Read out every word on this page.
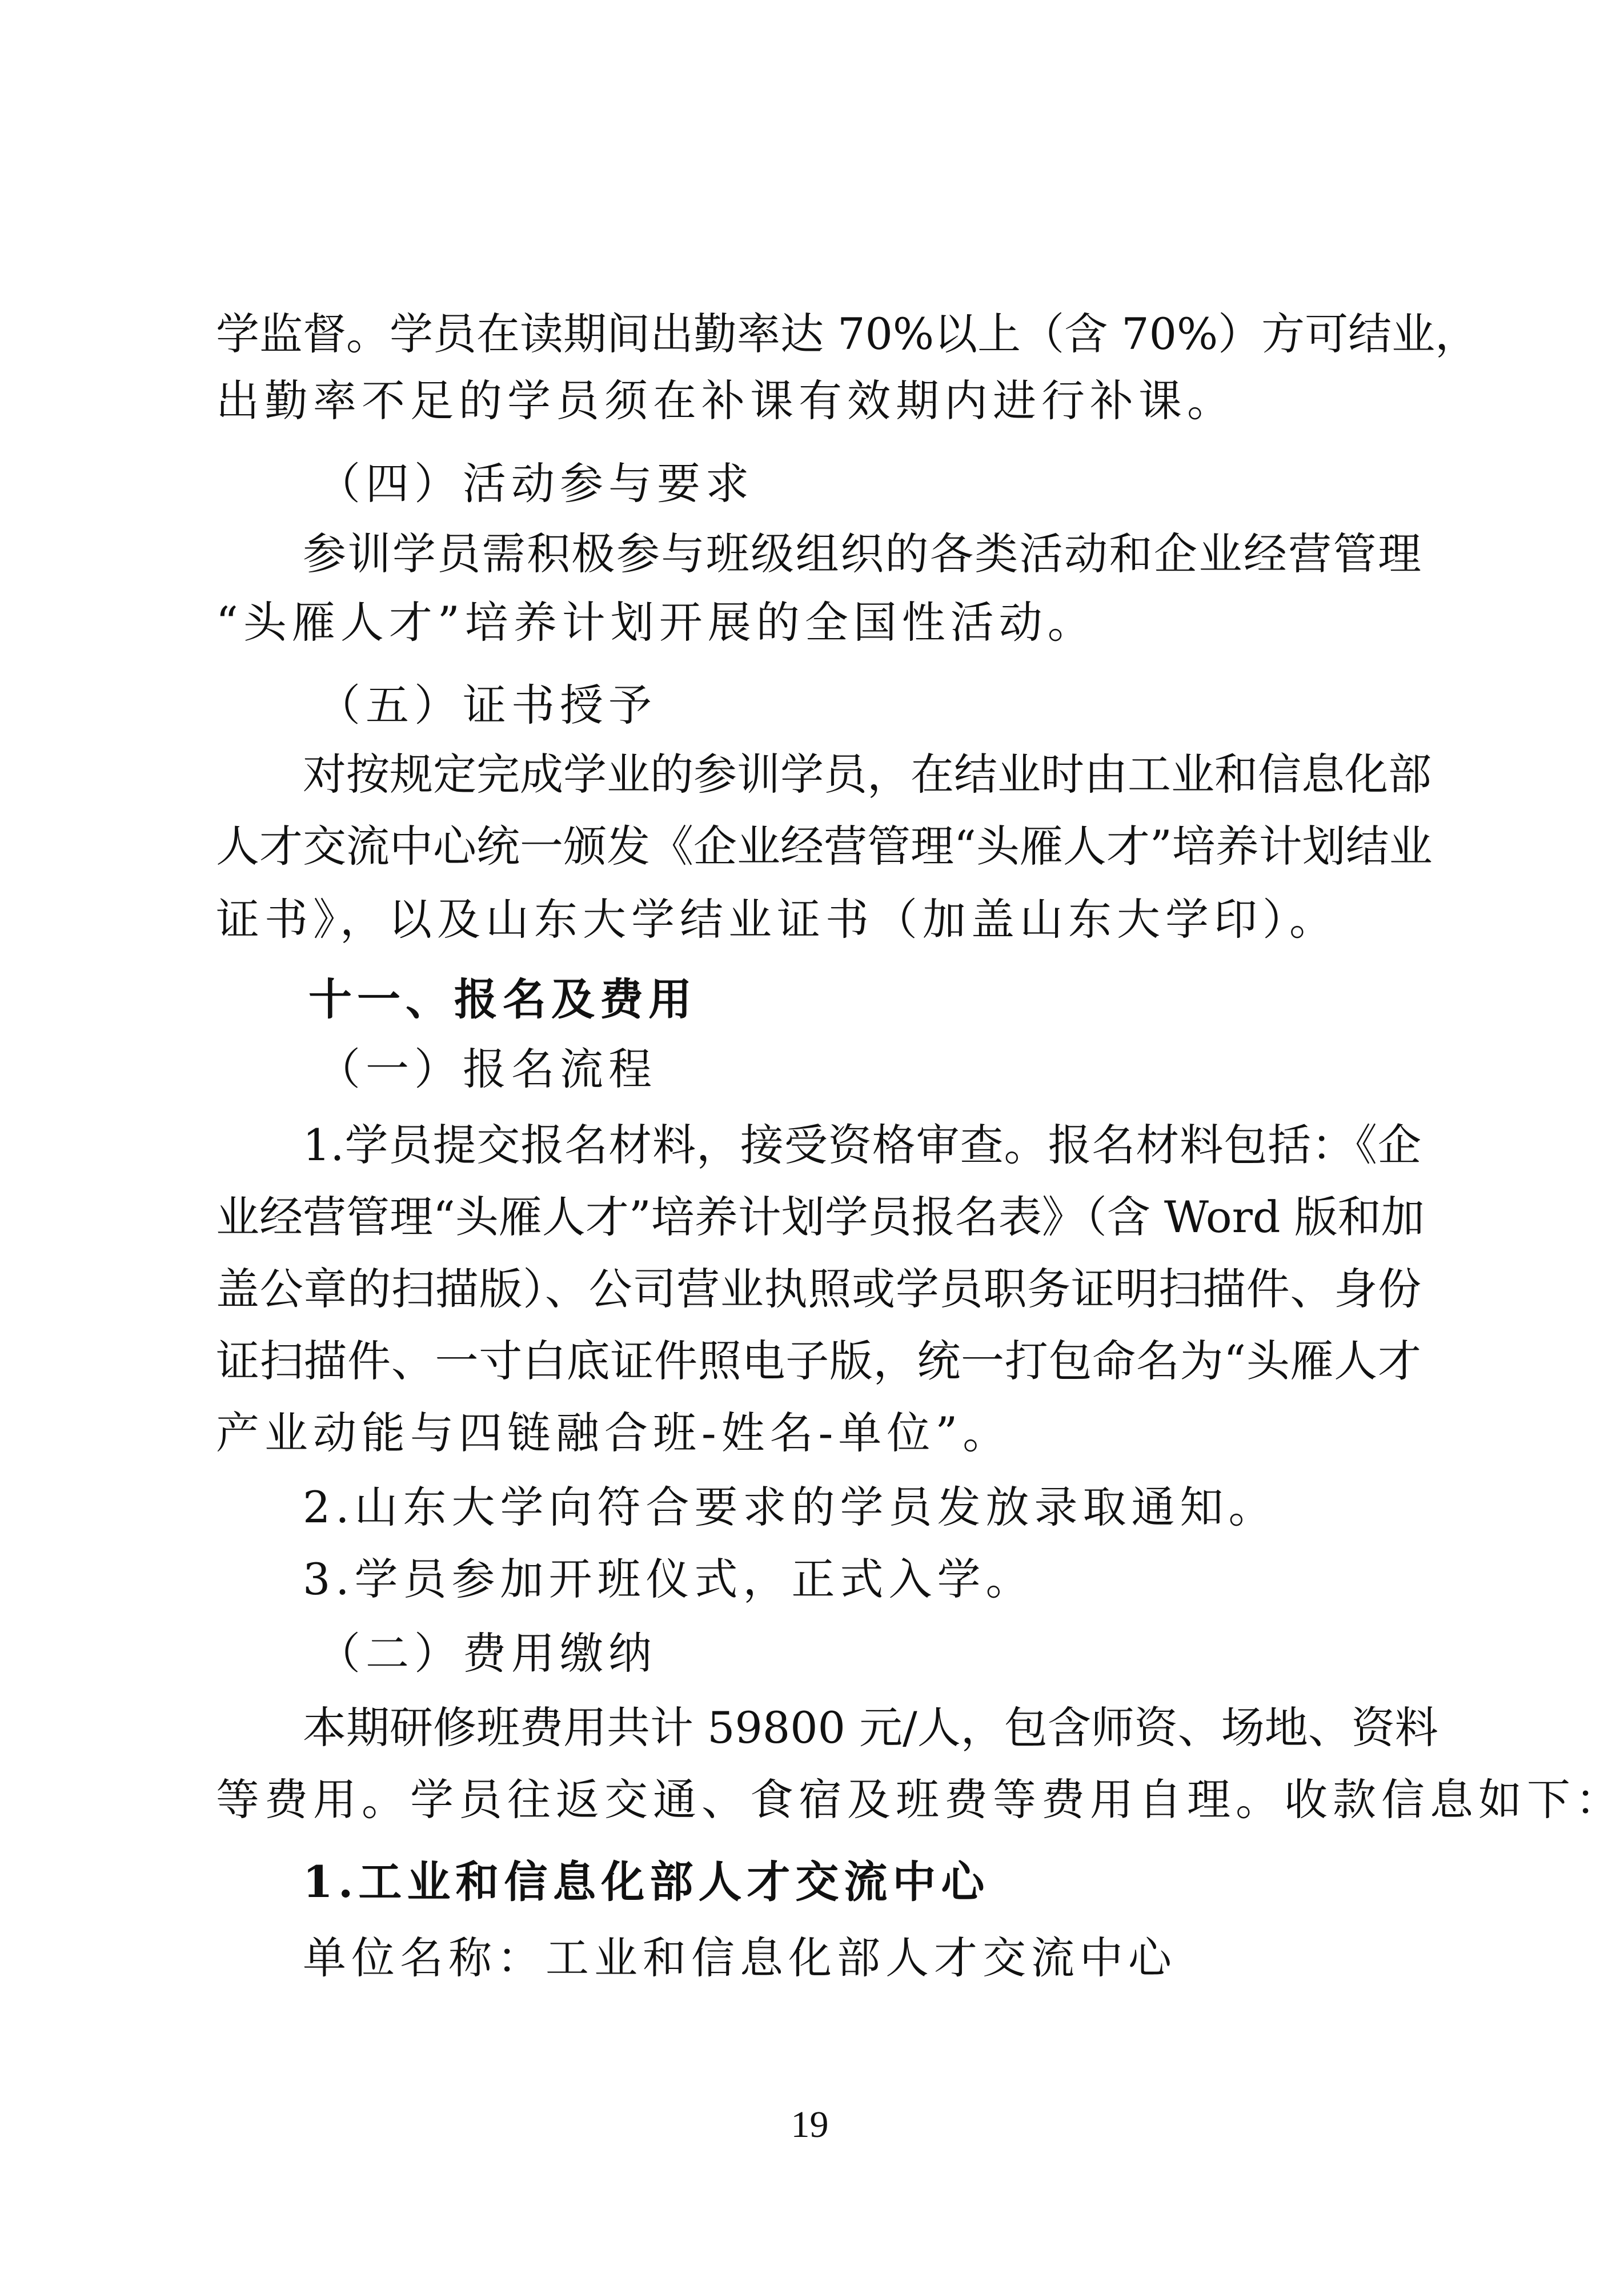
学监督。学员在读期间出勤率达 70%以上（含 70%）方可结业，
出勤率不足的学员须在补课有效期内进行补课。
（四）活动参与要求
参训学员需积极参与班级组织的各类活动和企业经营管理
“头雁人才”培养计划开展的全国性活动。
（五）证书授予
对按规定完成学业的参训学员，在结业时由工业和信息化部
人才交流中心统一颁发《企业经营管理“头雁人才”培养计划结业
证书》，以及山东大学结业证书（加盖山东大学印）。
十一、报名及费用
（一）报名流程
1.学员提交报名材料，接受资格审查。报名材料包括：《企
业经营管理“头雁人才”培养计划学员报名表》（含 Word 版和加
盖公章的扫描版）、公司营业执照或学员职务证明扫描件、身份
证扫描件、一寸白底证件照电子版，统一打包命名为“头雁人才
产业动能与四链融合班-姓名-单位”。
2.山东大学向符合要求的学员发放录取通知。
3.学员参加开班仪式，正式入学。
（二）费用缴纳
本期研修班费用共计 59800 元/人，包含师资、场地、资料
等费用。学员往返交通、食宿及班费等费用自理。收款信息如下：
1.工业和信息化部人才交流中心
单位名称：工业和信息化部人才交流中心
19
